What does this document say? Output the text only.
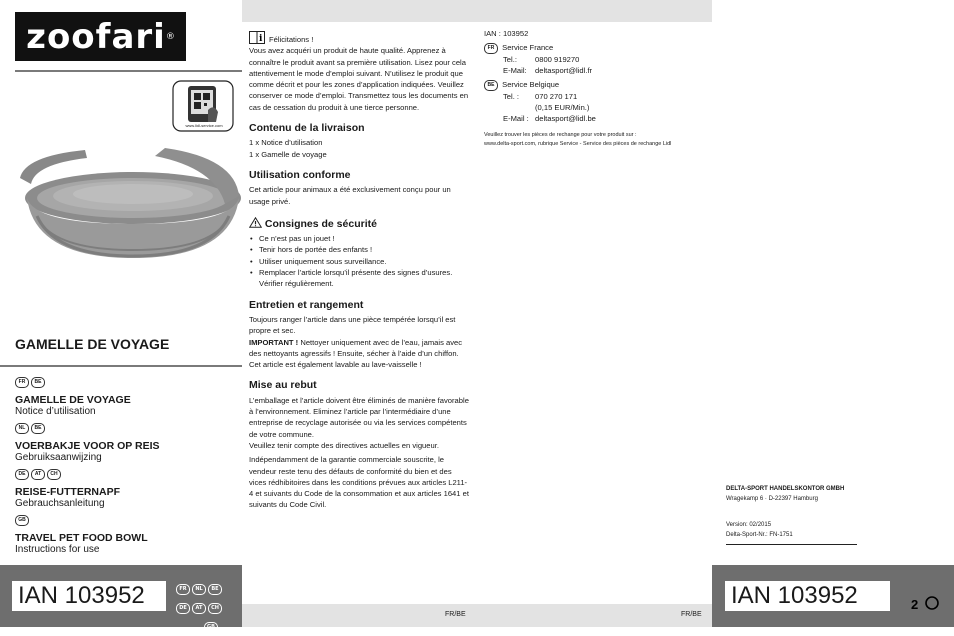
zoofari ®
www.lidl-service.com
GAMELLE DE VOYAGE
FR BE
GAMELLE DE VOYAGE
Notice d’utilisation
NL BE
VOERBAKJE VOOR OP REIS
Gebruiksaanwijzing
DE AT CH
REISE-FUTTERNAPF
Gebrauchsanleitung
GB
TRAVEL PET FOOD BOWL
Instructions for use
IAN 103952	FR NL BE
DE AT CH
GB
FR/BE	FR/BE

i Félicitations !
Vous avez acquéri un produit de haute qualité. Apprenez à connaître le produit avant sa première utilisation. Lisez pour cela attentivement le mode d’emploi suivant. N’utilisez le produit que comme décrit et pour les zones d’application indiquées. Veuillez conserver ce mode d’emploi. Transmettez tous les documents en cas de cessation du produit à une tierce personne.

Contenu de la livraison

1 x Notice d’utilisation

1 x Gamelle de voyage

Utilisation conforme

Cet article pour animaux a été exclusivement conçu pour un usage privé.

Consignes de sécurité
• Ce n’est pas un jouet !
• Tenir hors de portée des enfants !
• Utiliser uniquement sous surveillance.
• Remplacer l’article lorsqu’il présente des signes d’usures. Vérifier régulièrement.
Entretien et rangement

Toujours ranger l’article dans une pièce tempérée lorsqu’il est propre et sec.

IMPORTANT ! Nettoyer uniquement avec de l’eau, jamais avec des nettoyants agressifs ! Ensuite, sécher à l’aide d’un chiffon. Cet article est également lavable au lave-vaisselle !

Mise au rebut

L’emballage et l’article doivent être éliminés de manière favorable à l’environnement. Eliminez l’article par l’intermédiaire d’une entreprise de recyclage autorisée ou via les services compétents de votre commune.

Veuillez tenir compte des directives actuelles en vigueur.

Indépendamment de la garantie commerciale souscrite, le vendeur reste tenu des défauts de conformité du bien et des vices rédhibitoires dans les conditions prévues aux articles L211-4 et suivants du Code de la consommation et aux articles 1641 et suivants du Code Civil.

IAN : 103952

FR Service France

Tel.: 0800 919270

E-Mail: deltasport@lidl.fr

BE Service Belgique

Tel. : 070 270 171

(0,15 EUR/Min.)

E-Mail : deltasport@lidl.be

Veuillez trouver les pièces de rechange pour votre produit sur :

www.delta-sport.com, rubrique Service - Service des pièces de rechange Lidl

DELTA-SPORT HANDELSKONTOR GMBH

Wragekamp 6 · D-22397 Hamburg

Version: 02/2015

Delta-Sport-Nr.: FN-1751

IAN 103952	2
